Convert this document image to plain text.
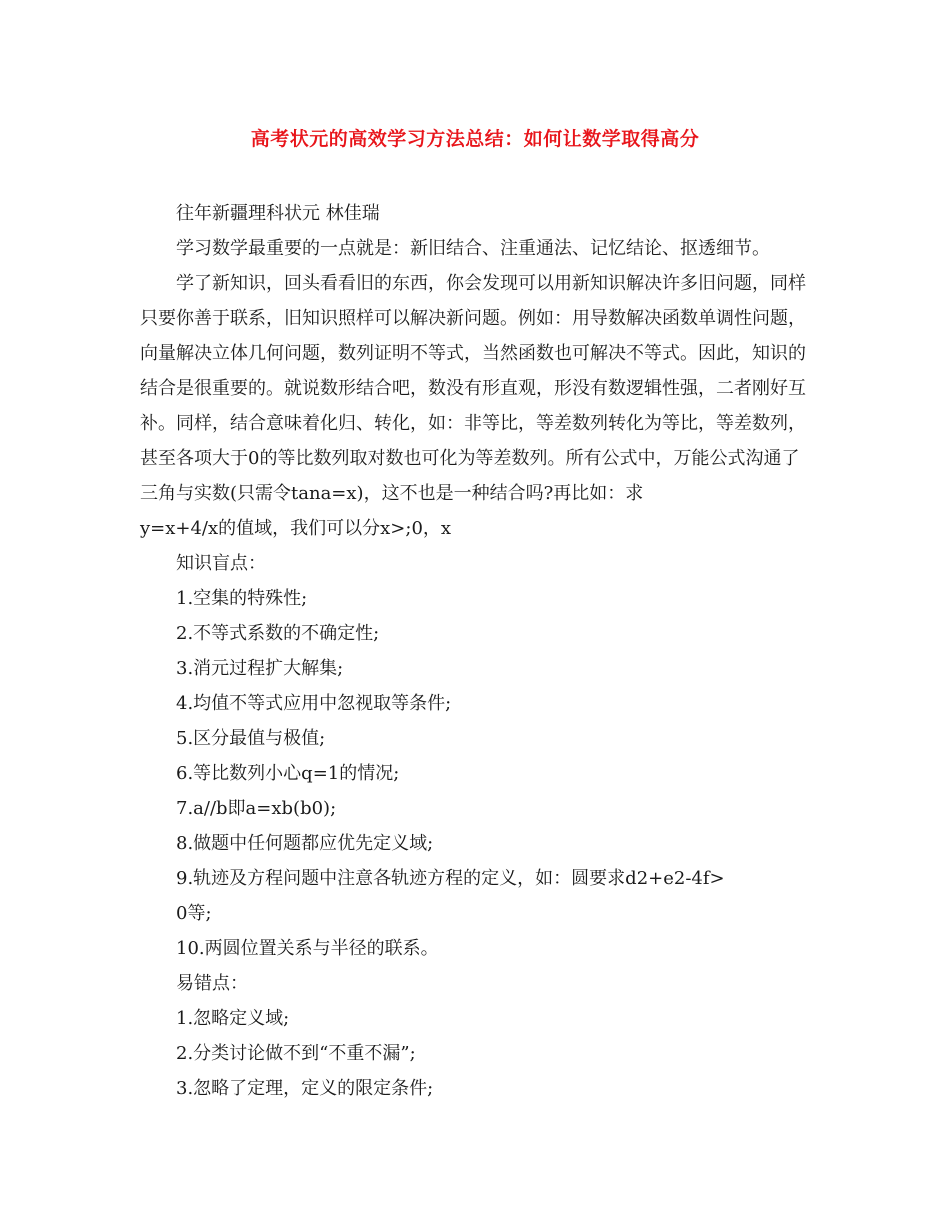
高考状元的高效学习方法总结：如何让数学取得高分

往年新疆理科状元 林佳瑞

学习数学最重要的一点就是：新旧结合、注重通法、记忆结论、抠透细节。

学了新知识，回头看看旧的东西，你会发现可以用新知识解决许多旧问题，同样只要你善于联系，旧知识照样可以解决新问题。例如：用导数解决函数单调性问题，向量解决立体几何问题，数列证明不等式，当然函数也可解决不等式。因此，知识的结合是很重要的。就说数形结合吧，数没有形直观，形没有数逻辑性强，二者刚好互补。同样，结合意味着化归、转化，如：非等比，等差数列转化为等比，等差数列，甚至各项大于0的等比数列取对数也可化为等差数列。所有公式中，万能公式沟通了三角与实数(只需令tana=x)，这不也是一种结合吗?再比如：求

y=x+4/x的值域，我们可以分x>;0，x

知识盲点：

1.空集的特殊性;

2.不等式系数的不确定性;

3.消元过程扩大解集;

4.均值不等式应用中忽视取等条件;

5.区分最值与极值;

6.等比数列小心q=1的情况;

7.a//b即a=xb(b0);

8.做题中任何题都应优先定义域;

9.轨迹及方程问题中注意各轨迹方程的定义，如：圆要求d2+e2-4f>

0等;

10.两圆位置关系与半径的联系。

易错点：

1.忽略定义域;

2.分类讨论做不到“不重不漏”;

3.忽略了定理，定义的限定条件;
